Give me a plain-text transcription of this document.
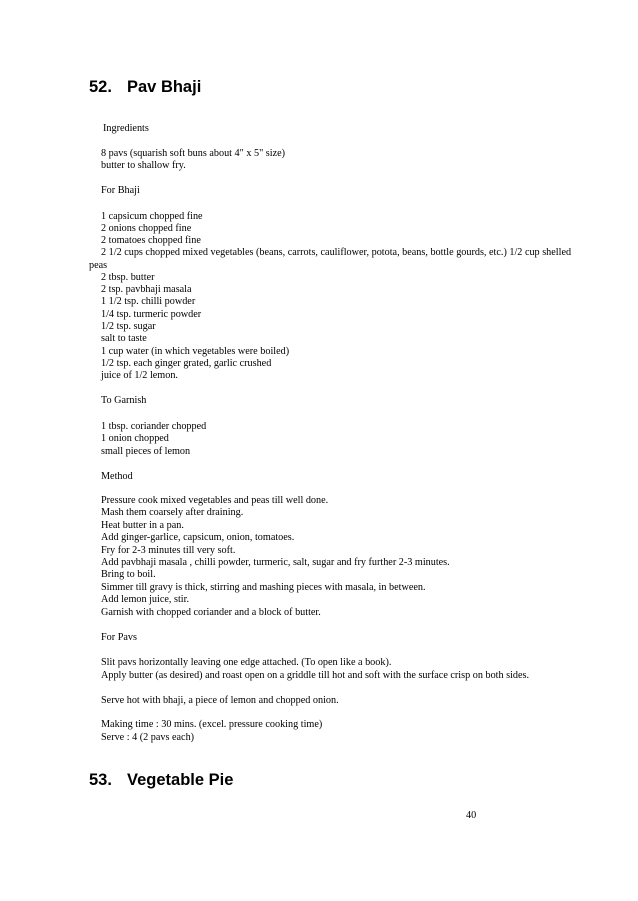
52. Pav Bhaji
Ingredients
8 pavs (squarish soft buns about 4" x 5" size)
butter to shallow fry.
For Bhaji
1 capsicum chopped fine
2 onions chopped fine
2 tomatoes chopped fine
2 1/2 cups chopped mixed vegetables (beans, carrots, cauliflower, potota, beans, bottle gourds, etc.) 1/2 cup shelled
peas
2 tbsp. butter
2 tsp. pavbhaji masala
1 1/2 tsp. chilli powder
1/4 tsp. turmeric powder
1/2 tsp. sugar
salt to taste
1 cup water (in which vegetables were boiled)
1/2 tsp. each ginger grated, garlic crushed
juice of 1/2 lemon.
To Garnish
1 tbsp. coriander chopped
1 onion chopped
small pieces of lemon
Method
Pressure cook mixed vegetables and peas till well done.
Mash them coarsely after draining.
Heat butter in a pan.
Add ginger-garlice, capsicum, onion, tomatoes.
Fry for 2-3 minutes till very soft.
Add pavbhaji masala , chilli powder, turmeric, salt, sugar and fry further 2-3 minutes.
Bring to boil.
Simmer till gravy is thick, stirring and mashing pieces with masala, in between.
Add lemon juice, stir.
Garnish with chopped coriander and a block of butter.
For Pavs
Slit pavs horizontally leaving one edge attached. (To open like a book).
Apply butter (as desired) and roast open on a griddle till hot and soft with the surface crisp on both sides.
Serve hot with bhaji, a piece of lemon and chopped onion.
Making time : 30 mins. (excel. pressure cooking time)
Serve : 4 (2 pavs each)
53. Vegetable Pie
40
